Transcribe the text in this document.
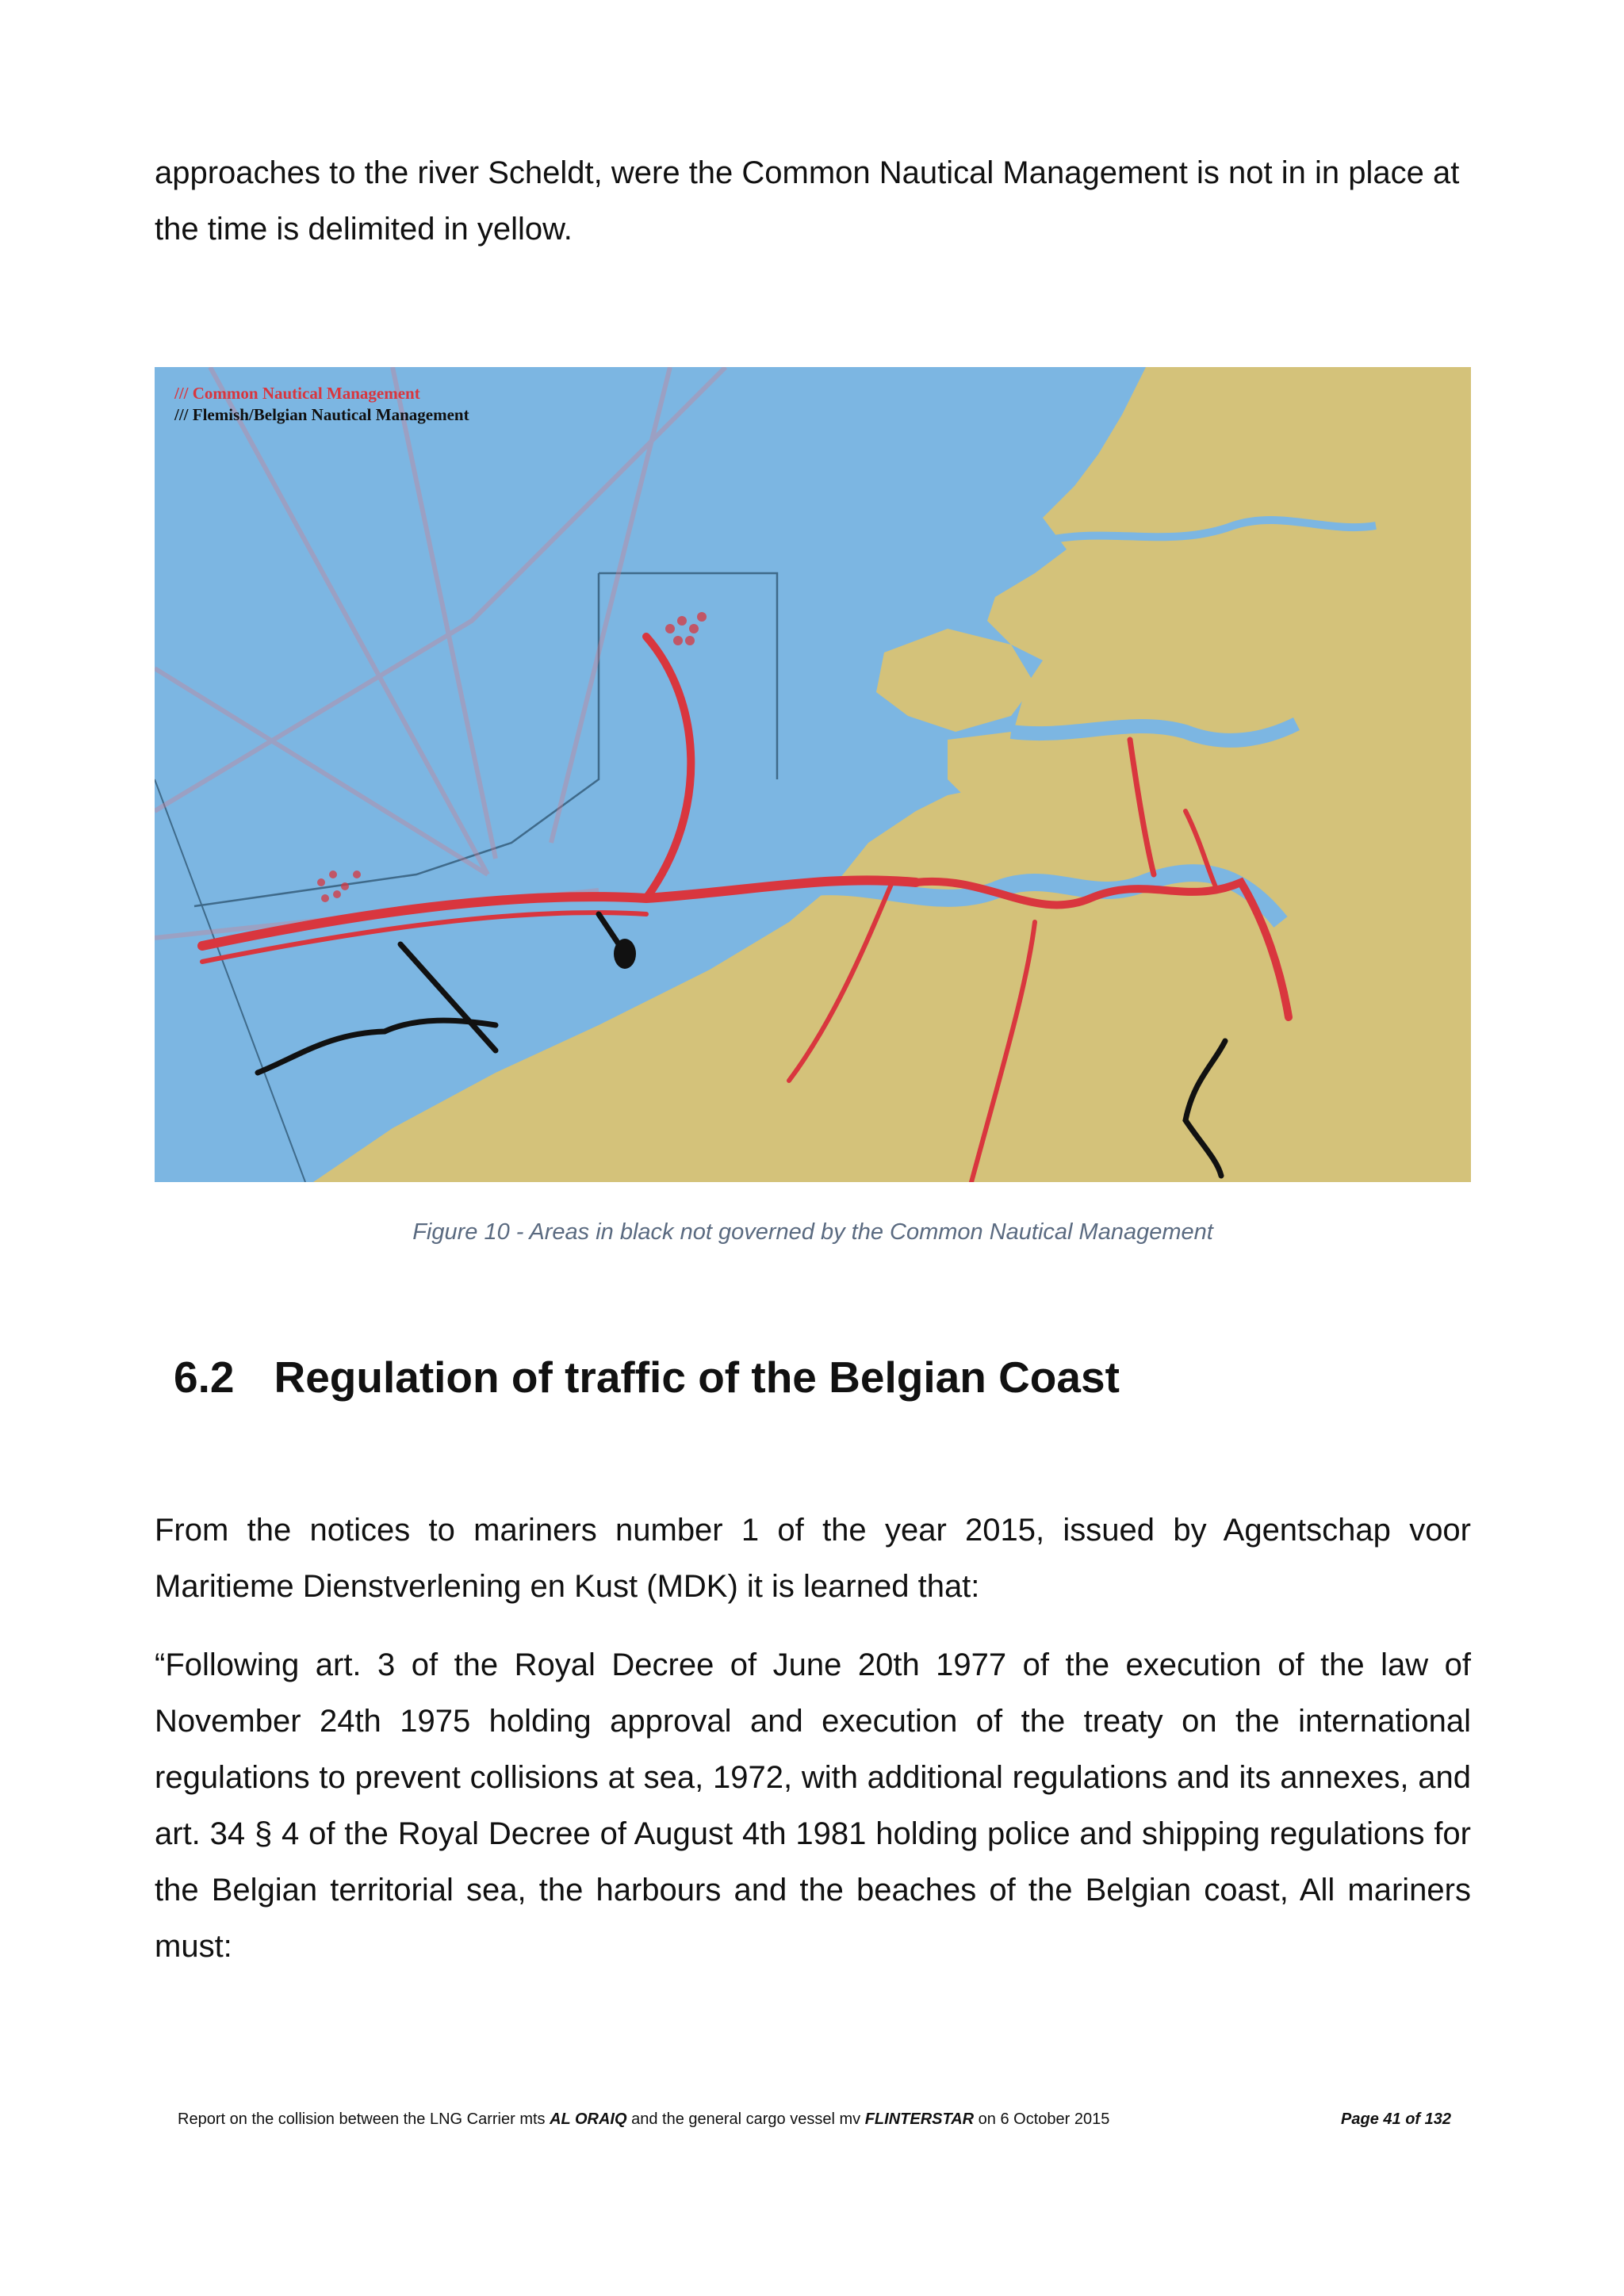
approaches to the river Scheldt, were the Common Nautical Management is not in in place at the time is delimited in yellow.

/// Common Nautical Management
/// Flemish/Belgian Nautical Management
Figure 10 - Areas in black not governed by the Common Nautical Management
6.2 Regulation of traffic of the Belgian Coast

From the notices to mariners number 1 of the year 2015, issued by Agentschap voor Maritieme Dienstverlening en Kust (MDK) it is learned that:

“Following art. 3 of the Royal Decree of June 20th 1977 of the execution of the law of November 24th 1975 holding approval and execution of the treaty on the international regulations to prevent collisions at sea, 1972, with additional regulations and its annexes, and art. 34 § 4 of the Royal Decree of August 4th 1981 holding police and shipping regulations for the Belgian territorial sea, the harbours and the beaches of the Belgian coast, All mariners must:

Report on the collision between the LNG Carrier mts AL ORAIQ and the general cargo vessel mv FLINTERSTAR on 6 October 2015	Page 41 of 132
